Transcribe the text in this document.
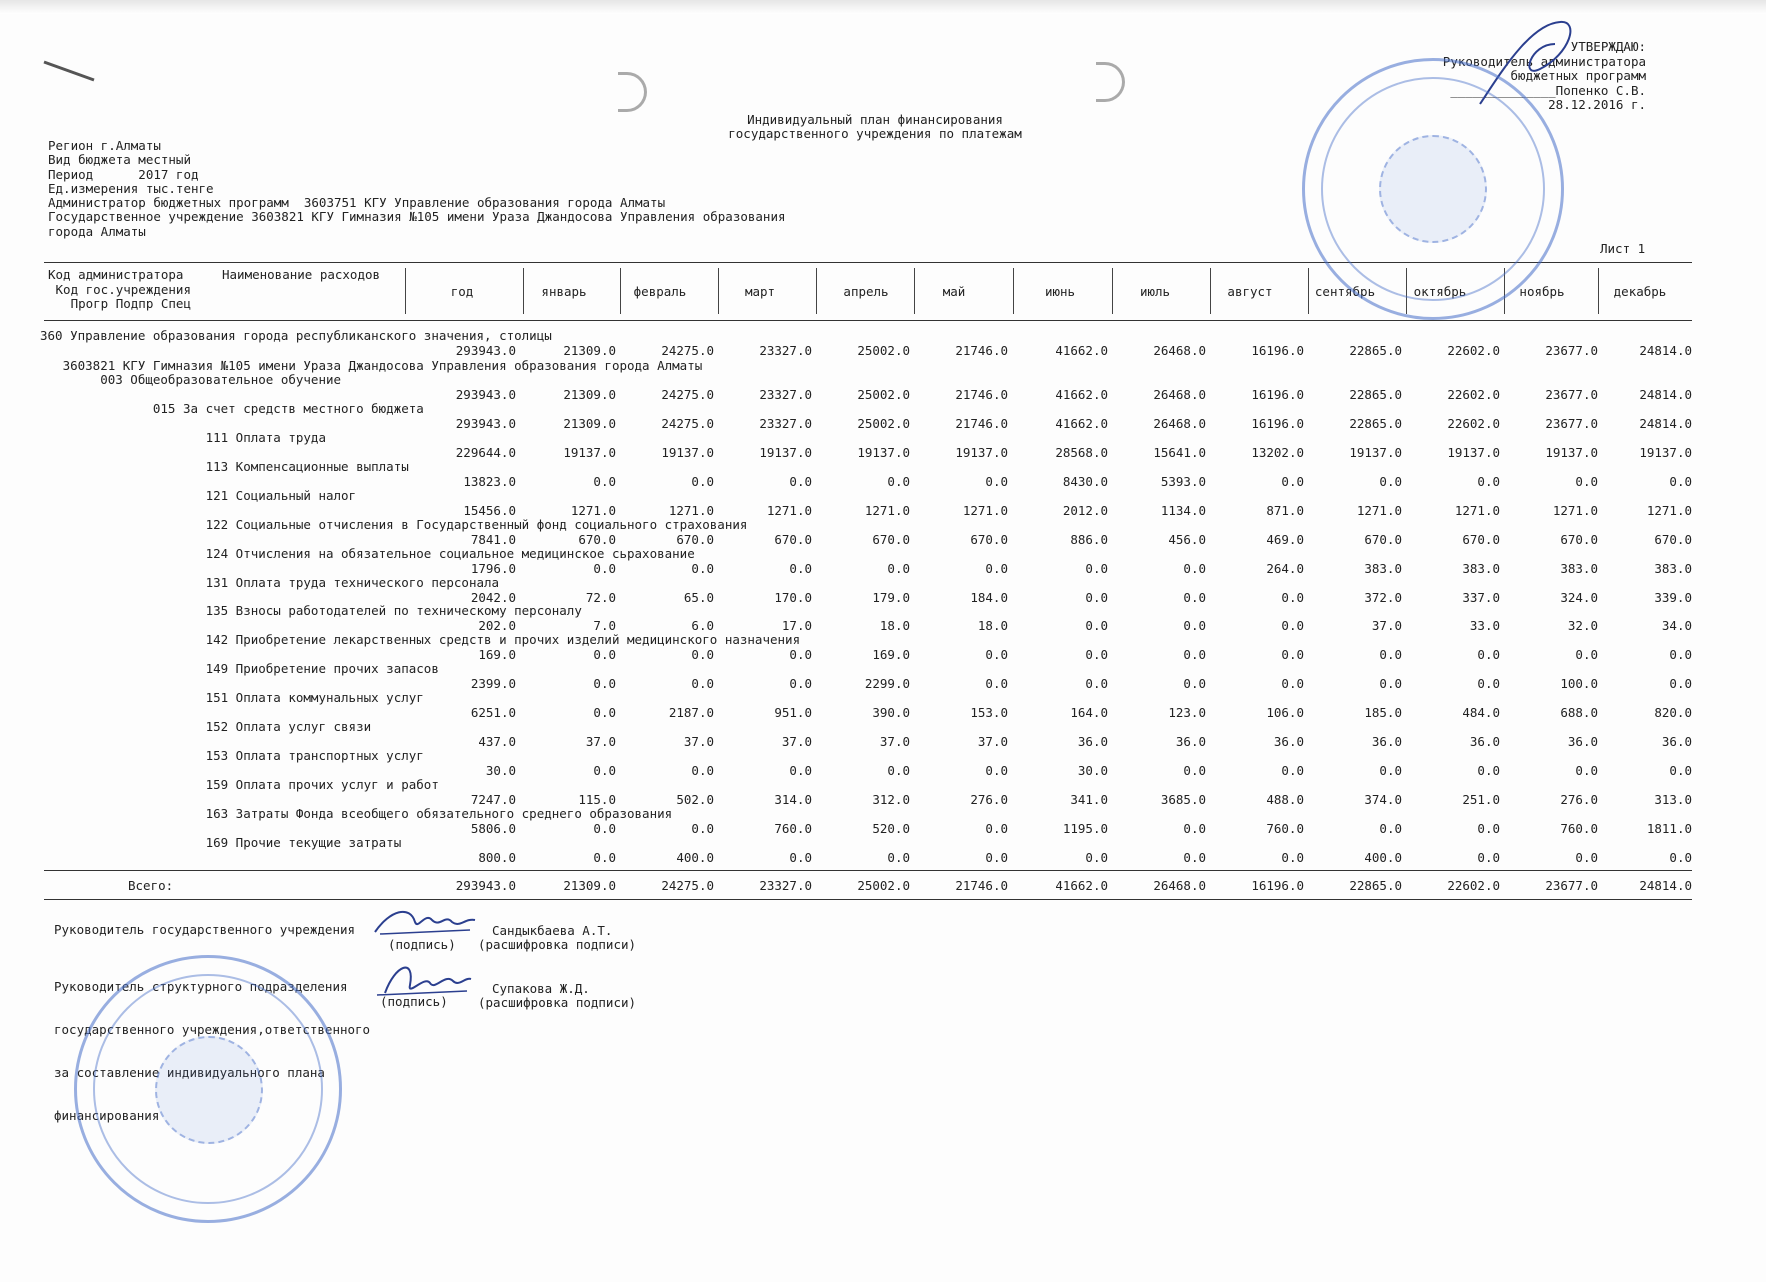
УТВЕРЖДАЮ:
Руководитель администратора
бюджетных программ
______________Попенко С.В.
28.12.2016 г.
Индивидуальный план финансирования
государственного учреждения по платежам
Регион г.Алматы
Вид бюджета местный
Период      2017 год
Ед.измерения тыс.тенге
Администратор бюджетных программ  3603751 КГУ Управление образования города Алматы
Государственное учреждение 3603821 КГУ Гимназия №105 имени Ураза Джандосова Управления образования
города Алматы
Лист 1
Код администратора
Код гос.учреждения
Прогр Подпр Спец
Наименование расходов
год	январь	февраль	март	апрель	май	июнь	июль	август	сентябрь	октябрь	ноябрь	декабрь
360 Управление образования города республиканского значения, столицы
293943.0	21309.0	24275.0	23327.0	25002.0	21746.0	41662.0	26468.0	16196.0	22865.0	22602.0	23677.0	24814.0
3603821 КГУ Гимназия №105 имени Ураза Джандосова Управления образования города Алматы
003 Общеобразовательное обучение
293943.0	21309.0	24275.0	23327.0	25002.0	21746.0	41662.0	26468.0	16196.0	22865.0	22602.0	23677.0	24814.0
015 За счет средств местного бюджета
293943.0	21309.0	24275.0	23327.0	25002.0	21746.0	41662.0	26468.0	16196.0	22865.0	22602.0	23677.0	24814.0
111 Оплата труда
229644.0	19137.0	19137.0	19137.0	19137.0	19137.0	28568.0	15641.0	13202.0	19137.0	19137.0	19137.0	19137.0
113 Компенсационные выплаты
13823.0	0.0	0.0	0.0	0.0	0.0	8430.0	5393.0	0.0	0.0	0.0	0.0	0.0
121 Социальный налог
15456.0	1271.0	1271.0	1271.0	1271.0	1271.0	2012.0	1134.0	871.0	1271.0	1271.0	1271.0	1271.0
122 Социальные отчисления в Государственный фонд социального страхования
7841.0	670.0	670.0	670.0	670.0	670.0	886.0	456.0	469.0	670.0	670.0	670.0	670.0
124 Отчисления на обязательное социальное медицинское сьрахование
1796.0	0.0	0.0	0.0	0.0	0.0	0.0	0.0	264.0	383.0	383.0	383.0	383.0
131 Оплата труда технического персонала
2042.0	72.0	65.0	170.0	179.0	184.0	0.0	0.0	0.0	372.0	337.0	324.0	339.0
135 Взносы работодателей по техническому персоналу
202.0	7.0	6.0	17.0	18.0	18.0	0.0	0.0	0.0	37.0	33.0	32.0	34.0
142 Приобретение лекарственных средств и прочих изделий медицинского назначения
169.0	0.0	0.0	0.0	169.0	0.0	0.0	0.0	0.0	0.0	0.0	0.0	0.0
149 Приобретение прочих запасов
2399.0	0.0	0.0	0.0	2299.0	0.0	0.0	0.0	0.0	0.0	0.0	100.0	0.0
151 Оплата коммунальных услуг
6251.0	0.0	2187.0	951.0	390.0	153.0	164.0	123.0	106.0	185.0	484.0	688.0	820.0
152 Оплата услуг связи
437.0	37.0	37.0	37.0	37.0	37.0	36.0	36.0	36.0	36.0	36.0	36.0	36.0
153 Оплата транспортных услуг
30.0	0.0	0.0	0.0	0.0	0.0	30.0	0.0	0.0	0.0	0.0	0.0	0.0
159 Оплата прочих услуг и работ
7247.0	115.0	502.0	314.0	312.0	276.0	341.0	3685.0	488.0	374.0	251.0	276.0	313.0
163 Затраты Фонда всеобщего обязательного среднего образования
5806.0	0.0	0.0	760.0	520.0	0.0	1195.0	0.0	760.0	0.0	0.0	760.0	1811.0
169 Прочие текущие затраты
800.0	0.0	400.0	0.0	0.0	0.0	0.0	0.0	0.0	400.0	0.0	0.0	0.0
Всего:	293943.0	21309.0	24275.0	23327.0	25002.0	21746.0	41662.0	26468.0	16196.0	22865.0	22602.0	23677.0	24814.0
Руководитель государственного учреждения
(подпись)
Сандыкбаева А.Т.
(расшифровка подписи)

Руководитель структурного подразделения

государственного учреждения,ответственного

за составление индивидуального плана

финансирования

(подпись)
Супакова Ж.Д.
(расшифровка подписи)
